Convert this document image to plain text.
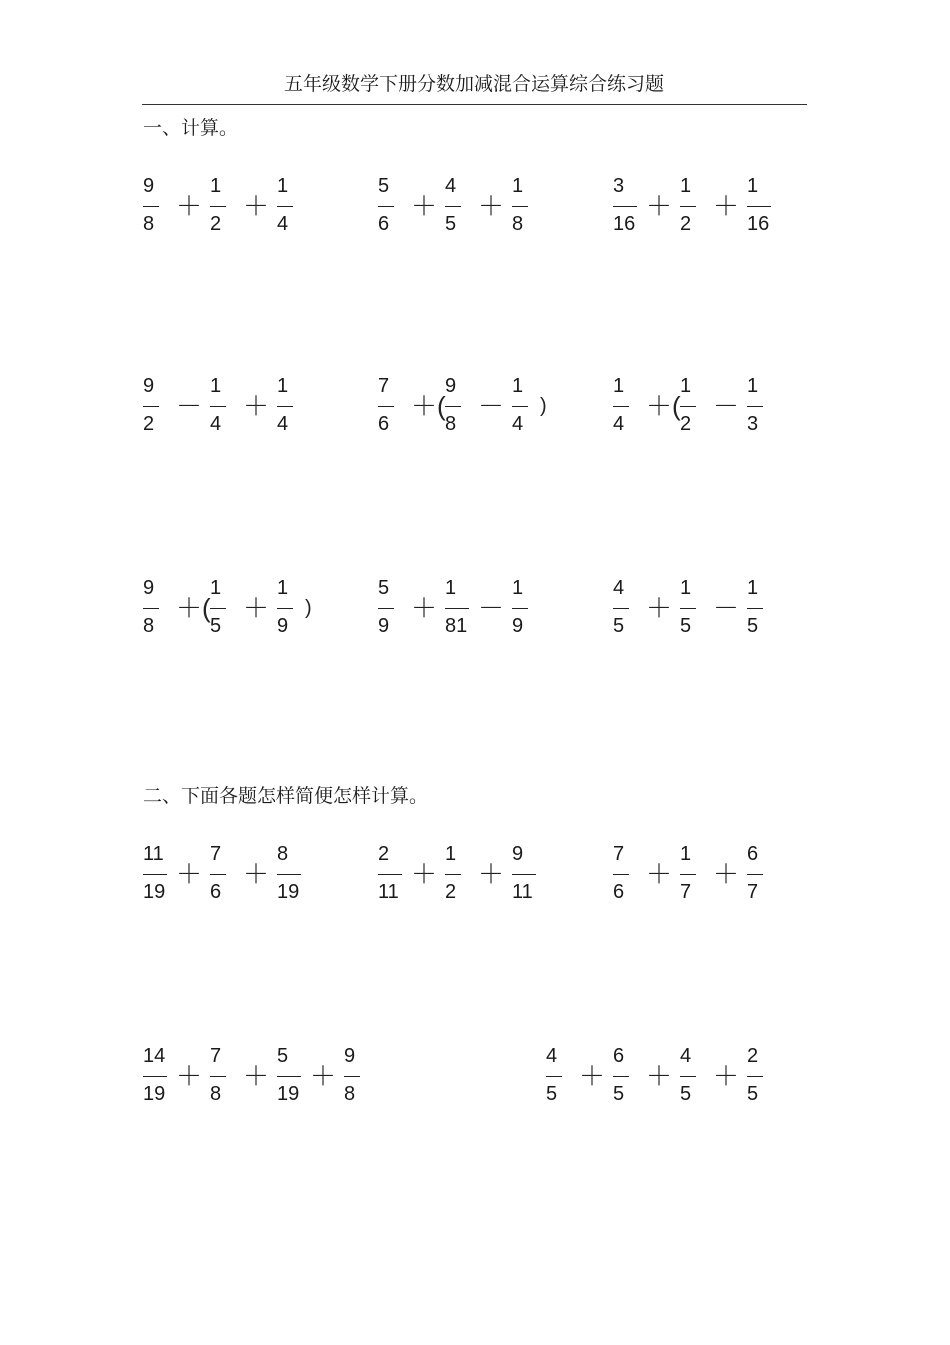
五年级数学下册分数加减混合运算综合练习题
一、计算。
9
8
＋
1
2
＋
1
4
5
6
＋
4
5
＋
1
8
3
16
＋
1
2
＋
1
16
9
2
－
1
4
＋
1
4
7
6
＋(
9
8
－
1
4
)
1
4
＋(
1
2
－
1
3
9
8
＋(
1
5
＋
1
9
)
5
9
＋
1
81
－
1
9
4
5
＋
1
5
－
1
5
二、下面各题怎样简便怎样计算。
11
19
＋
7
6
＋
8
19
2
11
＋
1
2
＋
9
11
7
6
＋
1
7
＋
6
7
14
19
＋
7
8
＋
5
19
＋
9
8
4
5
＋
6
5
＋
4
5
＋
2
5
